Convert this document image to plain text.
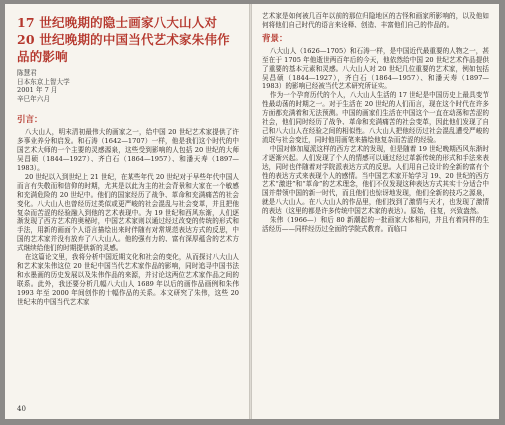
17 世纪晚期的隐士画家八大山人对 20 世纪晚期的中国当代艺术家朱伟作品的影响
陈慧君
日本东京上智大学
2001 年 7 月
辛巳年六月
引言：

八大山人，明末清初最伟大的画家之一，给中国 20 世纪艺术家提供了许多事业养分和启发。和石涛（1642—1707）一样，他是我们这个时代的中国艺术大师的一个主要的灵感源泉，这些受到影响的人包括 20 世纪的大师吴昌硕（1844—1927）、齐白石（1864—1957）、和潘天寿（1897—1983）。

20 世纪以入到世纪上 21 世纪，在某些年代 20 世纪对于早些年代中国人而言有失敬而和信仰的时期，尤其是以此为主的社会背景和大家在一个敏感和充满危险的 20 世纪中。他们的国家经历了战争、革命和充满痛苦的社会变化。八大山人也曾经历过类似或更严峻的社会混乱与社会变革，并且把他复杂而苦涩的经验融入到他的艺术表现中。为 19 世纪和西风东渐，人们逐渐发现了西方艺术的奥秘时，中国艺术家则以通过经过改变的传统的形式和手法，用新的画面个人语言描绘出来时伴随有对常规范表达方式的反思，中国的艺术家并没有放弃了八大山人。他的强有力的、富有深厚蕴含的艺术方式继续给他们的时期提供新的灵感。

在这篇论文里，我将分析中国近期文化和社会的变化，从而探讨八大山人和艺术家朱伟这位 20 世纪中国当代艺术家作品的影响，同时追寻中国书法和水墨画的历史发展以及朱伟作品的来源，并讨论这两位艺术家作品之间的联系。此外，我还要分析几幅八大山人 1689 年以后的画作品画例和朱伟 1993 年至 2000 年间创作的十幅作品的关系。本文研究了朱伟，这些 20 世纪末的中国当代艺术家

40

艺术家是如何被几百年以前的那位归隐地区的古怪和画家所影响的，以及他如何将他们自己时代的语言来诠释、创造、丰富他们自己的作品的。

背景：

八大山人（1626—1705）和石涛一样，是中国近代最重要的人物之一，甚至在于 1705 年他逝世两百年后的今天，他依然给中国 20 世纪艺术作品提供了重要的基本元素和灵感。八大山人对 20 世纪几位重要的艺术家，例如包括吴昌硕（1844—1927），齐白石（1864—1957）、和潘天寿（1897—1983）的影响已经被当代艺术研究所证实。

作为一个孕育历代的个人，八大山人生活的 17 世纪是中国历史上最具变节性最动荡的时期之一。对于生活在 20 世纪的人们而言，现在这个时代在许多方面都充满着和无法预测。中国的画家们生活在中国这个一直在动荡和苦涩的社会，他们同时经历了战争、革命和充满痛苦的社会变革，因此他们发现了自己和八大山人在经验之间的相似性。八大山人把他经历过社会混乱遭受严峻的流氓与社会变迁，同时他用画笔来描绘他复杂而苦涩的经验。

中国对修加厦派这样的西方艺术的发现，但是随着 19 世纪晚期西风东渐时才逐渐兴起。人们发现了个人的情感可以通过经过革新传统的形式和手法来表达，同时也伴随着对学院派表达方式的反思。人们用自己设计的全新的富有个性的表达方式来表现个人的感情。当中国艺术家开始学习 19、20 世纪的西方艺术“激进”和“革命”的艺术理念，他们不仅发现这种表达方式其实十分适合中国并带领中国的新一时代，而且他们也惊讶地发现，他们全新的技巧之源泉，就是八大山人。在八大山人的作品里，他们找到了激情与天才，也发现了激情的表达（这里的都是许多传统中国艺术家的表达）。原始，往复，兴致盎然。

朱伟（1966—）和后 80 新潮起的一批画家大体相同，并且有着同样的生活经历——同样经历过全面的学院式教育。而临口
